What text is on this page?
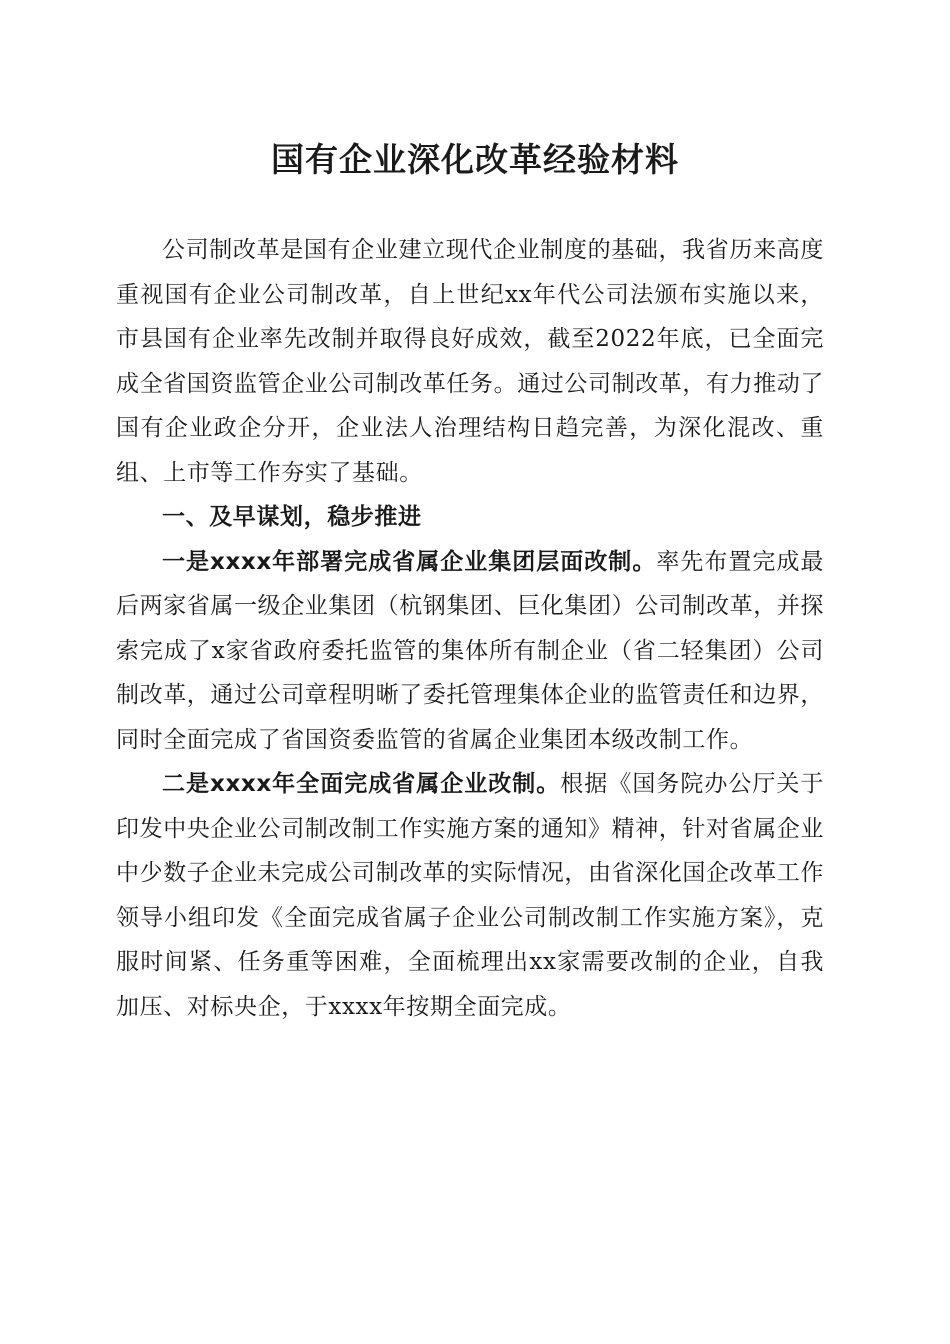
国有企业深化改革经验材料

公司制改革是国有企业建立现代企业制度的基础，我省历来高度重视国有企业公司制改革，自上世纪xx年代公司法颁布实施以来，市县国有企业率先改制并取得良好成效，截至2022年底，已全面完成全省国资监管企业公司制改革任务。通过公司制改革，有力推动了国有企业政企分开，企业法人治理结构日趋完善，为深化混改、重组、上市等工作夯实了基础。

一、及早谋划，稳步推进

一是xxxx年部署完成省属企业集团层面改制。率先布置完成最后两家省属一级企业集团（杭钢集团、巨化集团）公司制改革，并探索完成了x家省政府委托监管的集体所有制企业（省二轻集团）公司制改革，通过公司章程明晰了委托管理集体企业的监管责任和边界，同时全面完成了省国资委监管的省属企业集团本级改制工作。

二是xxxx年全面完成省属企业改制。根据《国务院办公厅关于印发中央企业公司制改制工作实施方案的通知》精神，针对省属企业中少数子企业未完成公司制改革的实际情况，由省深化国企改革工作领导小组印发《全面完成省属子企业公司制改制工作实施方案》，克服时间紧、任务重等困难，全面梳理出xx家需要改制的企业，自我加压、对标央企，于xxxx年按期全面完成。
